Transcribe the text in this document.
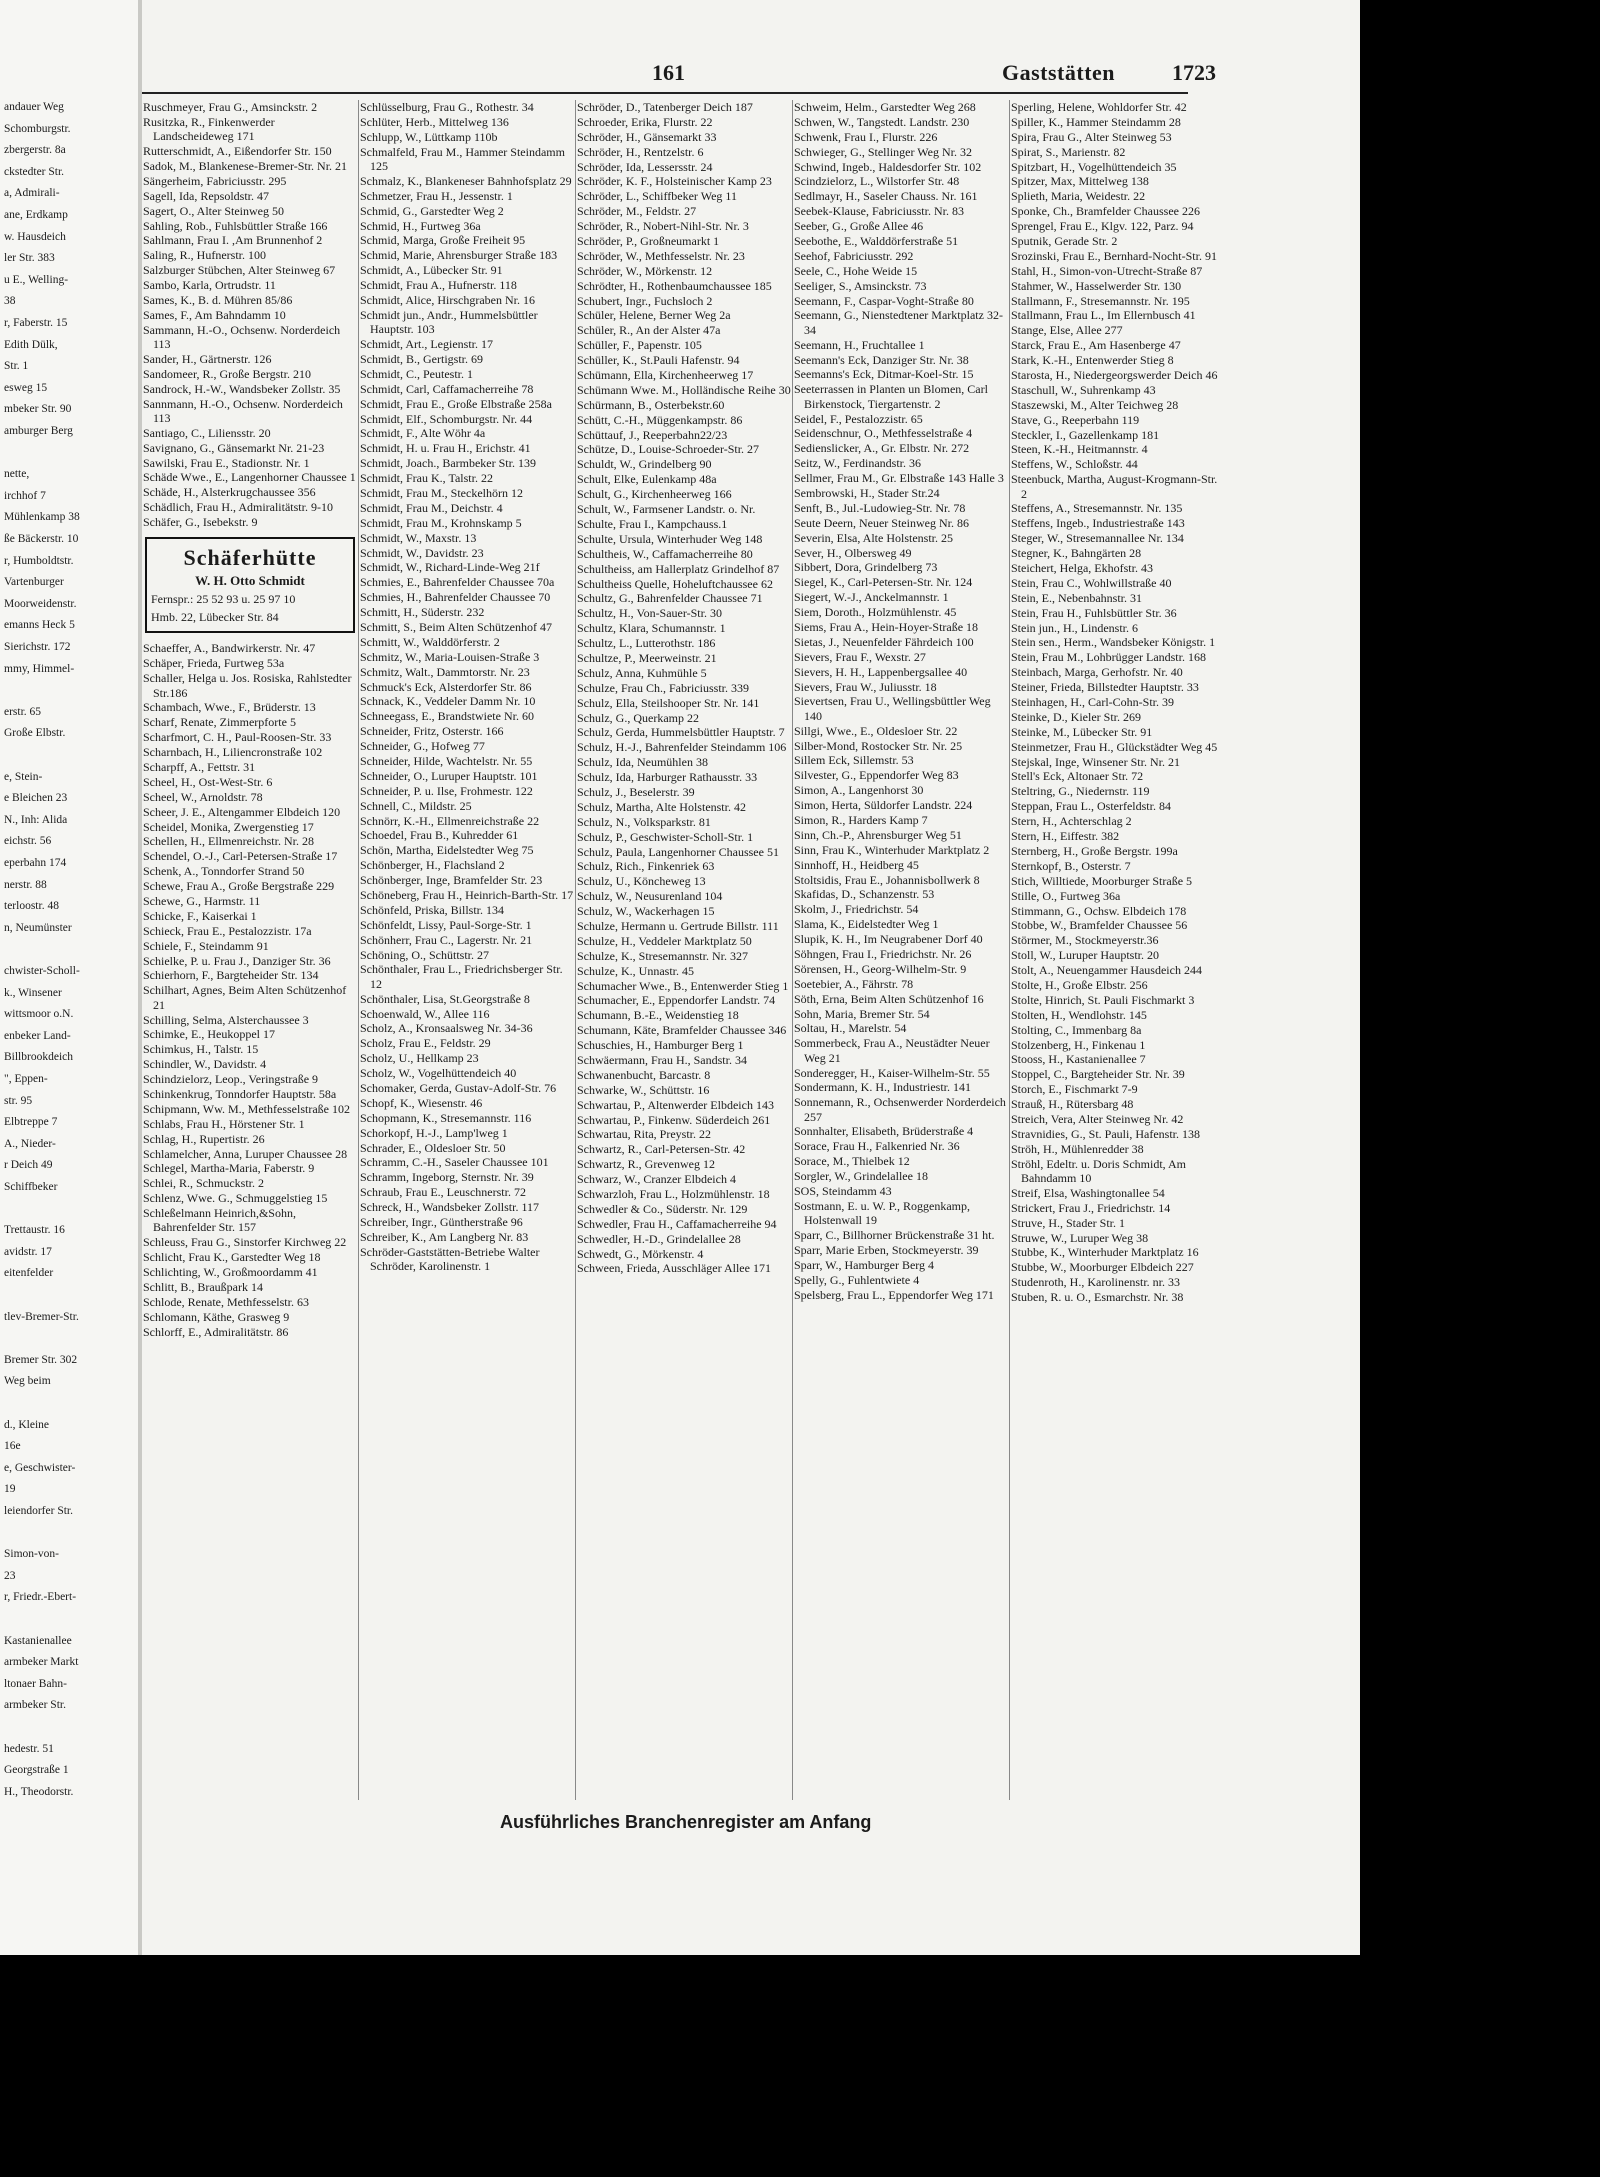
andauer Weg
Schomburgstr.
zbergerstr. 8a
ckstedter Str.
a, Admirali-
ane, Erdkamp
w. Hausdeich
ler Str. 383
u E., Welling-
38
r, Faberstr. 15
Edith Dülk,
Str. 1
esweg 15
mbeker Str. 90
amburger Berg
nette,
irchhof 7
Mühlenkamp 38
ße Bäckerstr. 10
r, Humboldtstr.
Vartenburger
Moorweidenstr.
emanns Heck 5
Sierichstr. 172
mmy, Himmel-
erstr. 65
Große Elbstr.
e, Stein-
e Bleichen 23
N., Inh: Alida
eichstr. 56
eperbahn 174
nerstr. 88
terloostr. 48
n, Neumünster
chwister-Scholl-
k., Winsener
wittsmoor o.N.
enbeker Land-
Billbrookdeich
", Eppen-
str. 95
Elbtreppe 7
A., Nieder-
r Deich 49
Schiffbeker
Trettaustr. 16
avidstr. 17
eitenfelder
tlev-Bremer-Str.
Bremer Str. 302
Weg beim
d., Kleine
16e
e, Geschwister-
19
leiendorfer Str.
Simon-von-
23
r, Friedr.-Ebert-
Kastanienallee
armbeker Markt
ltonaer Bahn-
armbeker Str.
hedestr. 51
Georgstraße 1
H., Theodorstr.
161	Gaststätten	1723
Ruschmeyer, Frau G., Amsinckstr. 2
Rusitzka, R., Finkenwerder Landscheideweg 171
Rutterschmidt, A., Eißendorfer Str. 150
Sadok, M., Blankenese-Bremer-Str. Nr. 21
Sängerheim, Fabriciusstr. 295
Sagell, Ida, Repsoldstr. 47
Sagert, O., Alter Steinweg 50
Sahling, Rob., Fuhlsbüttler Straße 166
Sahlmann, Frau I. ,Am Brunnenhof 2
Saling, R., Hufnerstr. 100
Salzburger Stübchen, Alter Steinweg 67
Sambo, Karla, Ortrudstr. 11
Sames, K., B. d. Mühren 85/86
Sames, F., Am Bahndamm 10
Sammann, H.-O., Ochsenw. Norderdeich 113
Sander, H., Gärtnerstr. 126
Sandomeer, R., Große Bergstr. 210
Sandrock, H.-W., Wandsbeker Zollstr. 35
Sannmann, H.-O., Ochsenw. Norderdeich 113
Santiago, C., Liliensstr. 20
Savignano, G., Gänsemarkt Nr. 21-23
Sawilski, Frau E., Stadionstr. Nr. 1
Schäde Wwe., E., Langenhorner Chaussee 1
Schäde, H., Alsterkrugchaussee 356
Schädlich, Frau H., Admiralitätstr. 9-10
Schäfer, G., Isebekstr. 9
Schäferhütte
W. H. Otto Schmidt
Fernspr.: 25 52 93 u. 25 97 10
Hmb. 22, Lübecker Str. 84
Schaeffer, A., Bandwirkerstr. Nr. 47
Schäper, Frieda, Furtweg 53a
Schaller, Helga u. Jos. Rosiska, Rahlstedter Str.186
Schambach, Wwe., F., Brüderstr. 13
Scharf, Renate, Zimmerpforte 5
Scharfmort, C. H., Paul-Roosen-Str. 33
Scharnbach, H., Liliencronstraße 102
Scharpff, A., Fettstr. 31
Scheel, H., Ost-West-Str. 6
Scheel, W., Arnoldstr. 78
Scheer, J. E., Altengammer Elbdeich 120
Scheidel, Monika, Zwergenstieg 17
Schellen, H., Ellmenreichstr. Nr. 28
Schendel, O.-J., Carl-Petersen-Straße 17
Schenk, A., Tonndorfer Strand 50
Schewe, Frau A., Große Bergstraße 229
Schewe, G., Harmstr. 11
Schicke, F., Kaiserkai 1
Schieck, Frau E., Pestalozzistr. 17a
Schiele, F., Steindamm 91
Schielke, P. u. Frau J., Danziger Str. 36
Schierhorn, F., Bargteheider Str. 134
Schilhart, Agnes, Beim Alten Schützenhof 21
Schilling, Selma, Alsterchaussee 3
Schimke, E., Heukoppel 17
Schimkus, H., Talstr. 15
Schindler, W., Davidstr. 4
Schindzielorz, Leop., Veringstraße 9
Schinkenkrug, Tonndorfer Hauptstr. 58a
Schipmann, Ww. M., Methfesselstraße 102
Schlabs, Frau H., Hörstener Str. 1
Schlag, H., Rupertistr. 26
Schlamelcher, Anna, Luruper Chaussee 28
Schlegel, Martha-Maria, Faberstr. 9
Schlei, R., Schmuckstr. 2
Schlenz, Wwe. G., Schmuggelstieg 15
Schleßelmann Heinrich,&Sohn, Bahrenfelder Str. 157
Schleuss, Frau G., Sinstorfer Kirchweg 22
Schlicht, Frau K., Garstedter Weg 18
Schlichting, W., Großmoordamm 41
Schlitt, B., Braußpark 14
Schlode, Renate, Methfesselstr. 63
Schlomann, Käthe, Grasweg 9
Schlorff, E., Admiralitätstr. 86
Schlüsselburg, Frau G., Rothestr. 34
Schlüter, Herb., Mittelweg 136
Schlupp, W., Lüttkamp 110b
Schmalfeld, Frau M., Hammer Steindamm 125
Schmalz, K., Blankeneser Bahnhofsplatz 29
Schmetzer, Frau H., Jessenstr. 1
Schmid, G., Garstedter Weg 2
Schmid, H., Furtweg 36a
Schmid, Marga, Große Freiheit 95
Schmid, Marie, Ahrensburger Straße 183
Schmidt, A., Lübecker Str. 91
Schmidt, Frau A., Hufnerstr. 118
Schmidt, Alice, Hirschgraben Nr. 16
Schmidt jun., Andr., Hummelsbüttler Hauptstr. 103
Schmidt, Art., Legienstr. 17
Schmidt, B., Gertigstr. 69
Schmidt, C., Peutestr. 1
Schmidt, Carl, Caffamacherreihe 78
Schmidt, Frau E., Große Elbstraße 258a
Schmidt, Elf., Schomburgstr. Nr. 44
Schmidt, F., Alte Wöhr 4a
Schmidt, H. u. Frau H., Erichstr. 41
Schmidt, Joach., Barmbeker Str. 139
Schmidt, Frau K., Talstr. 22
Schmidt, Frau M., Steckelhörn 12
Schmidt, Frau M., Deichstr. 4
Schmidt, Frau M., Krohnskamp 5
Schmidt, W., Maxstr. 13
Schmidt, W., Davidstr. 23
Schmidt, W., Richard-Linde-Weg 21f
Schmies, E., Bahrenfelder Chaussee 70a
Schmies, H., Bahrenfelder Chaussee 70
Schmitt, H., Süderstr. 232
Schmitt, S., Beim Alten Schützenhof 47
Schmitt, W., Walddörferstr. 2
Schmitz, W., Maria-Louisen-Straße 3
Schmitz, Walt., Dammtorstr. Nr. 23
Schmuck's Eck, Alsterdorfer Str. 86
Schnack, K., Veddeler Damm Nr. 10
Schneegass, E., Brandstwiete Nr. 60
Schneider, Fritz, Osterstr. 166
Schneider, G., Hofweg 77
Schneider, Hilde, Wachtelstr. Nr. 55
Schneider, O., Luruper Hauptstr. 101
Schneider, P. u. Ilse, Frohmestr. 122
Schnell, C., Mildstr. 25
Schnörr, K.-H., Ellmenreichstraße 22
Schoedel, Frau B., Kuhredder 61
Schön, Martha, Eidelstedter Weg 75
Schönberger, H., Flachsland 2
Schönberger, Inge, Bramfelder Str. 23
Schöneberg, Frau H., Heinrich-Barth-Str. 17
Schönfeld, Priska, Billstr. 134
Schönfeldt, Lissy, Paul-Sorge-Str. 1
Schönherr, Frau C., Lagerstr. Nr. 21
Schöning, O., Schüttstr. 27
Schönthaler, Frau L., Friedrichsberger Str. 12
Schönthaler, Lisa, St.Georgstraße 8
Schoenwald, W., Allee 116
Scholz, A., Kronsaalsweg Nr. 34-36
Scholz, Frau E., Feldstr. 29
Scholz, U., Hellkamp 23
Scholz, W., Vogelhüttendeich 40
Schomaker, Gerda, Gustav-Adolf-Str. 76
Schopf, K., Wiesenstr. 46
Schopmann, K., Stresemannstr. 116
Schorkopf, H.-J., Lamp'lweg 1
Schrader, E., Oldesloer Str. 50
Schramm, C.-H., Saseler Chaussee 101
Schramm, Ingeborg, Sternstr. Nr. 39
Schraub, Frau E., Leuschnerstr. 72
Schreck, H., Wandsbeker Zollstr. 117
Schreiber, Ingr., Güntherstraße 96
Schreiber, K., Am Langberg Nr. 83
Schröder-Gaststätten-Betriebe Walter Schröder, Karolinenstr. 1
Schröder, D., Tatenberger Deich 187
Schroeder, Erika, Flurstr. 22
Schröder, H., Gänsemarkt 33
Schröder, H., Rentzelstr. 6
Schröder, Ida, Lessersstr. 24
Schröder, K. F., Holsteinischer Kamp 23
Schröder, L., Schiffbeker Weg 11
Schröder, M., Feldstr. 27
Schröder, R., Nobert-Nihl-Str. Nr. 3
Schröder, P., Großneumarkt 1
Schröder, W., Methfesselstr. Nr. 23
Schröder, W., Mörkenstr. 12
Schrödter, H., Rothenbaumchaussee 185
Schubert, Ingr., Fuchsloch 2
Schüler, Helene, Berner Weg 2a
Schüler, R., An der Alster 47a
Schüller, F., Papenstr. 105
Schüller, K., St.Pauli Hafenstr. 94
Schümann, Ella, Kirchenheerweg 17
Schümann Wwe. M., Holländische Reihe 30
Schürmann, B., Osterbekstr.60
Schütt, C.-H., Müggenkampstr. 86
Schüttauf, J., Reeperbahn22/23
Schütze, D., Louise-Schroeder-Str. 27
Schuldt, W., Grindelberg 90
Schult, Elke, Eulenkamp 48a
Schult, G., Kirchenheerweg 166
Schult, W., Farmsener Landstr. o. Nr.
Schulte, Frau I., Kampchauss.1
Schulte, Ursula, Winterhuder Weg 148
Schultheis, W., Caffamacherreihe 80
Schultheiss, am Hallerplatz Grindelhof 87
Schultheiss Quelle, Hoheluftchaussee 62
Schultz, G., Bahrenfelder Chaussee 71
Schultz, H., Von-Sauer-Str. 30
Schultz, Klara, Schumannstr. 1
Schultz, L., Lutterothstr. 186
Schultze, P., Meerweinstr. 21
Schulz, Anna, Kuhmühle 5
Schulze, Frau Ch., Fabriciusstr. 339
Schulz, Ella, Steilshooper Str. Nr. 141
Schulz, G., Querkamp 22
Schulz, Gerda, Hummelsbüttler Hauptstr. 7
Schulz, H.-J., Bahrenfelder Steindamm 106
Schulz, Ida, Neumühlen 38
Schulz, Ida, Harburger Rathausstr. 33
Schulz, J., Beselerstr. 39
Schulz, Martha, Alte Holstenstr. 42
Schulz, N., Volksparkstr. 81
Schulz, P., Geschwister-Scholl-Str. 1
Schulz, Paula, Langenhorner Chaussee 51
Schulz, Rich., Finkenriek 63
Schulz, U., Köncheweg 13
Schulz, W., Neusurenland 104
Schulz, W., Wackerhagen 15
Schulze, Hermann u. Gertrude Billstr. 111
Schulze, H., Veddeler Marktplatz 50
Schulze, K., Stresemannstr. Nr. 327
Schulze, K., Unnastr. 45
Schumacher Wwe., B., Entenwerder Stieg 1
Schumacher, E., Eppendorfer Landstr. 74
Schumann, B.-E., Weidenstieg 18
Schumann, Käte, Bramfelder Chaussee 346
Schuschies, H., Hamburger Berg 1
Schwäermann, Frau H., Sandstr. 34
Schwanenbucht, Barcastr. 8
Schwarke, W., Schüttstr. 16
Schwartau, P., Altenwerder Elbdeich 143
Schwartau, P., Finkenw. Süderdeich 261
Schwartau, Rita, Preystr. 22
Schwartz, R., Carl-Petersen-Str. 42
Schwartz, R., Grevenweg 12
Schwarz, W., Cranzer Elbdeich 4
Schwarzloh, Frau L., Holzmühlenstr. 18
Schwedler & Co., Süderstr. Nr. 129
Schwedler, Frau H., Caffamacherreihe 94
Schwedler, H.-D., Grindelallee 28
Schwedt, G., Mörkenstr. 4
Schween, Frieda, Ausschläger Allee 171
Schweim, Helm., Garstedter Weg 268
Schwen, W., Tangstedt. Landstr. 230
Schwenk, Frau I., Flurstr. 226
Schwieger, G., Stellinger Weg Nr. 32
Schwind, Ingeb., Haldesdorfer Str. 102
Scindzielorz, L., Wilstorfer Str. 48
Sedlmayr, H., Saseler Chauss. Nr. 161
Seebek-Klause, Fabriciusstr. Nr. 83
Seeber, G., Große Allee 46
Seebothe, E., Walddörferstraße 51
Seehof, Fabriciusstr. 292
Seele, C., Hohe Weide 15
Seeliger, S., Amsinckstr. 73
Seemann, F., Caspar-Voght-Straße 80
Seemann, G., Nienstedtener Marktplatz 32-34
Seemann, H., Fruchtallee 1
Seemann's Eck, Danziger Str. Nr. 38
Seemanns's Eck, Ditmar-Koel-Str. 15
Seeterrassen in Planten un Blomen, Carl Birkenstock, Tiergartenstr. 2
Seidel, F., Pestalozzistr. 65
Seidenschnur, O., Methfesselstraße 4
Sedienslicker, A., Gr. Elbstr. Nr. 272
Seitz, W., Ferdinandstr. 36
Sellmer, Frau M., Gr. Elbstraße 143 Halle 3
Sembrowski, H., Stader Str.24
Senft, B., Jul.-Ludowieg-Str. Nr. 78
Seute Deern, Neuer Steinweg Nr. 86
Severin, Elsa, Alte Holstenstr. 25
Sever, H., Olbersweg 49
Sibbert, Dora, Grindelberg 73
Siegel, K., Carl-Petersen-Str. Nr. 124
Siegert, W.-J., Anckelmannstr. 1
Siem, Doroth., Holzmühlenstr. 45
Siems, Frau A., Hein-Hoyer-Straße 18
Sietas, J., Neuenfelder Fährdeich 100
Sievers, Frau F., Wexstr. 27
Sievers, H. H., Lappenbergsallee 40
Sievers, Frau W., Juliusstr. 18
Sievertsen, Frau U., Wellingsbüttler Weg 140
Sillgi, Wwe., E., Oldesloer Str. 22
Silber-Mond, Rostocker Str. Nr. 25
Sillem Eck, Sillemstr. 53
Silvester, G., Eppendorfer Weg 83
Simon, A., Langenhorst 30
Simon, Herta, Süldorfer Landstr. 224
Simon, R., Harders Kamp 7
Sinn, Ch.-P., Ahrensburger Weg 51
Sinn, Frau K., Winterhuder Marktplatz 2
Sinnhoff, H., Heidberg 45
Stoltsidis, Frau E., Johannisbollwerk 8
Skafidas, D., Schanzenstr. 53
Skolm, J., Friedrichstr. 54
Slama, K., Eidelstedter Weg 1
Slupik, K. H., Im Neugrabener Dorf 40
Söhngen, Frau I., Friedrichstr. Nr. 26
Sörensen, H., Georg-Wilhelm-Str. 9
Soetebier, A., Fährstr. 78
Söth, Erna, Beim Alten Schützenhof 16
Sohn, Maria, Bremer Str. 54
Soltau, H., Marelstr. 54
Sommerbeck, Frau A., Neustädter Neuer Weg 21
Sonderegger, H., Kaiser-Wilhelm-Str. 55
Sondermann, K. H., Industriestr. 141
Sonnemann, R., Ochsenwerder Norderdeich 257
Sonnhalter, Elisabeth, Brüderstraße 4
Sorace, Frau H., Falkenried Nr. 36
Sorace, M., Thielbek 12
Sorgler, W., Grindelallee 18
SOS, Steindamm 43
Sostmann, E. u. W. P., Roggenkamp, Holstenwall 19
Sparr, C., Billhorner Brückenstraße 31 ht.
Sparr, Marie Erben, Stockmeyerstr. 39
Sparr, W., Hamburger Berg 4
Spelly, G., Fuhlentwiete 4
Spelsberg, Frau L., Eppendorfer Weg 171
Sperling, Helene, Wohldorfer Str. 42
Spiller, K., Hammer Steindamm 28
Spira, Frau G., Alter Steinweg 53
Spirat, S., Marienstr. 82
Spitzbart, H., Vogelhüttendeich 35
Spitzer, Max, Mittelweg 138
Splieth, Maria, Weidestr. 22
Sponke, Ch., Bramfelder Chaussee 226
Sprengel, Frau E., Klgv. 122, Parz. 94
Sputnik, Gerade Str. 2
Srozinski, Frau E., Bernhard-Nocht-Str. 91
Stahl, H., Simon-von-Utrecht-Straße 87
Stahmer, W., Hasselwerder Str. 130
Stallmann, F., Stresemannstr. Nr. 195
Stallmann, Frau L., Im Ellernbusch 41
Stange, Else, Allee 277
Starck, Frau E., Am Hasenberge 47
Stark, K.-H., Entenwerder Stieg 8
Starosta, H., Niedergeorgswerder Deich 46
Staschull, W., Suhrenkamp 43
Staszewski, M., Alter Teichweg 28
Stave, G., Reeperbahn 119
Steckler, I., Gazellenkamp 181
Steen, K.-H., Heitmannstr. 4
Steffens, W., Schloßstr. 44
Steenbuck, Martha, August-Krogmann-Str. 2
Steffens, A., Stresemannstr. Nr. 135
Steffens, Ingeb., Industriestraße 143
Steger, W., Stresemannallee Nr. 134
Stegner, K., Bahngärten 28
Steichert, Helga, Ekhofstr. 43
Stein, Frau C., Wohlwillstraße 40
Stein, E., Nebenbahnstr. 31
Stein, Frau H., Fuhlsbüttler Str. 36
Stein jun., H., Lindenstr. 6
Stein sen., Herm., Wandsbeker Königstr. 1
Stein, Frau M., Lohbrügger Landstr. 168
Steinbach, Marga, Gerhofstr. Nr. 40
Steiner, Frieda, Billstedter Hauptstr. 33
Steinhagen, H., Carl-Cohn-Str. 39
Steinke, D., Kieler Str. 269
Steinke, M., Lübecker Str. 91
Steinmetzer, Frau H., Glückstädter Weg 45
Stejskal, Inge, Winsener Str. Nr. 21
Stell's Eck, Altonaer Str. 72
Steltring, G., Niedernstr. 119
Steppan, Frau L., Osterfeldstr. 84
Stern, H., Achterschlag 2
Stern, H., Eiffestr. 382
Sternberg, H., Große Bergstr. 199a
Sternkopf, B., Osterstr. 7
Stich, Willtiede, Moorburger Straße 5
Stille, O., Furtweg 36a
Stimmann, G., Ochsw. Elbdeich 178
Stobbe, W., Bramfelder Chaussee 56
Störmer, M., Stockmeyerstr.36
Stoll, W., Luruper Hauptstr. 20
Stolt, A., Neuengammer Hausdeich 244
Stolte, H., Große Elbstr. 256
Stolte, Hinrich, St. Pauli Fischmarkt 3
Stolten, H., Wendlohstr. 145
Stolting, C., Immenbarg 8a
Stolzenberg, H., Finkenau 1
Stooss, H., Kastanienallee 7
Stoppel, C., Bargteheider Str. Nr. 39
Storch, E., Fischmarkt 7-9
Strauß, H., Rütersbarg 48
Streich, Vera, Alter Steinweg Nr. 42
Stravnidies, G., St. Pauli, Hafenstr. 138
Ströh, H., Mühlenredder 38
Ströhl, Edeltr. u. Doris Schmidt, Am Bahndamm 10
Streif, Elsa, Washingtonallee 54
Strickert, Frau J., Friedrichstr. 14
Struve, H., Stader Str. 1
Struwe, W., Luruper Weg 38
Stubbe, K., Winterhuder Marktplatz 16
Stubbe, W., Moorburger Elbdeich 227
Studenroth, H., Karolinenstr. nr. 33
Stuben, R. u. O., Esmarchstr. Nr. 38
Ausführliches Branchenregister am Anfang
